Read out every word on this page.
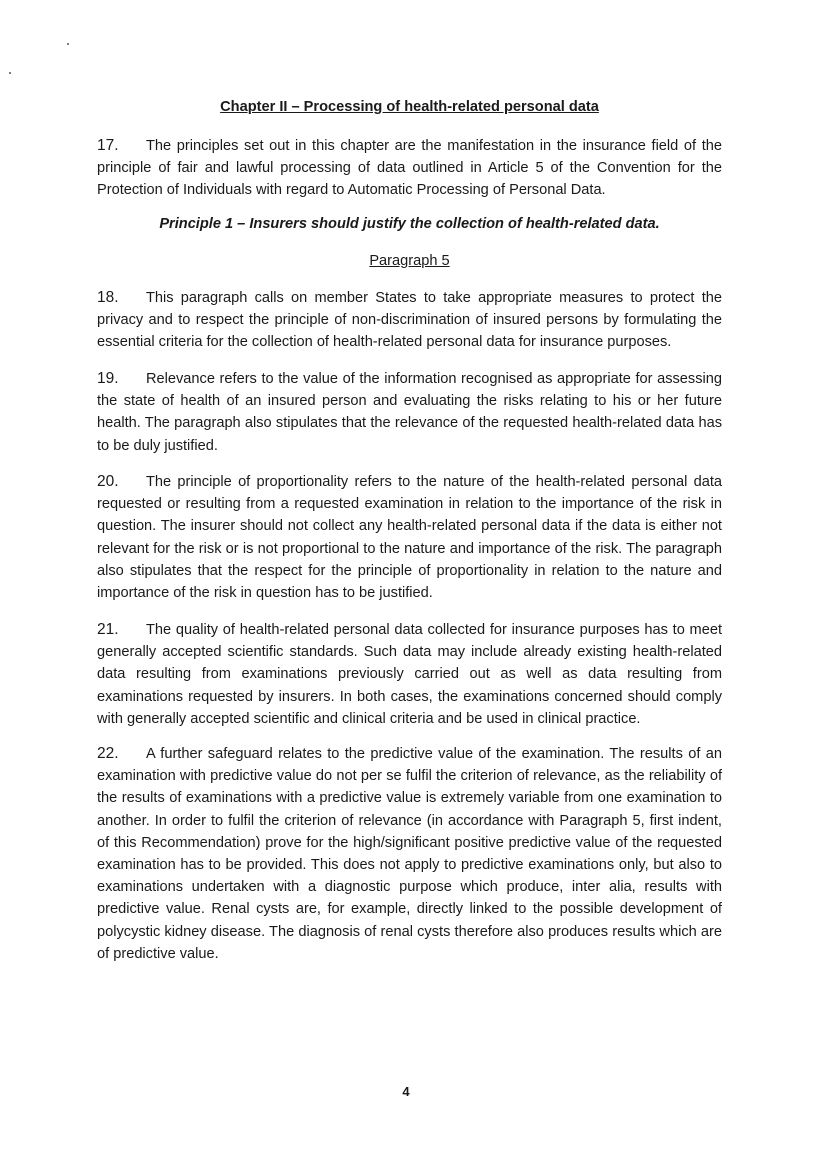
Chapter II – Processing of health-related personal data

17. The principles set out in this chapter are the manifestation in the insurance field of the principle of fair and lawful processing of data outlined in Article 5 of the Convention for the Protection of Individuals with regard to Automatic Processing of Personal Data.

Principle 1 – Insurers should justify the collection of health-related data.
Paragraph 5

18. This paragraph calls on member States to take appropriate measures to protect the privacy and to respect the principle of non-discrimination of insured persons by formulating the essential criteria for the collection of health-related personal data for insurance purposes.

19. Relevance refers to the value of the information recognised as appropriate for assessing the state of health of an insured person and evaluating the risks relating to his or her future health. The paragraph also stipulates that the relevance of the requested health-related data has to be duly justified.

20. The principle of proportionality refers to the nature of the health-related personal data requested or resulting from a requested examination in relation to the importance of the risk in question. The insurer should not collect any health-related personal data if the data is either not relevant for the risk or is not proportional to the nature and importance of the risk. The paragraph also stipulates that the respect for the principle of proportionality in relation to the nature and importance of the risk in question has to be justified.

21. The quality of health-related personal data collected for insurance purposes has to meet generally accepted scientific standards. Such data may include already existing health-related data resulting from examinations previously carried out as well as data resulting from examinations requested by insurers. In both cases, the examinations concerned should comply with generally accepted scientific and clinical criteria and be used in clinical practice.

22. A further safeguard relates to the predictive value of the examination. The results of an examination with predictive value do not per se fulfil the criterion of relevance, as the reliability of the results of examinations with a predictive value is extremely variable from one examination to another. In order to fulfil the criterion of relevance (in accordance with Paragraph 5, first indent, of this Recommendation) prove for the high/significant positive predictive value of the requested examination has to be provided. This does not apply to predictive examinations only, but also to examinations undertaken with a diagnostic purpose which produce, inter alia, results with predictive value. Renal cysts are, for example, directly linked to the possible development of polycystic kidney disease. The diagnosis of renal cysts therefore also produces results which are of predictive value.

4
